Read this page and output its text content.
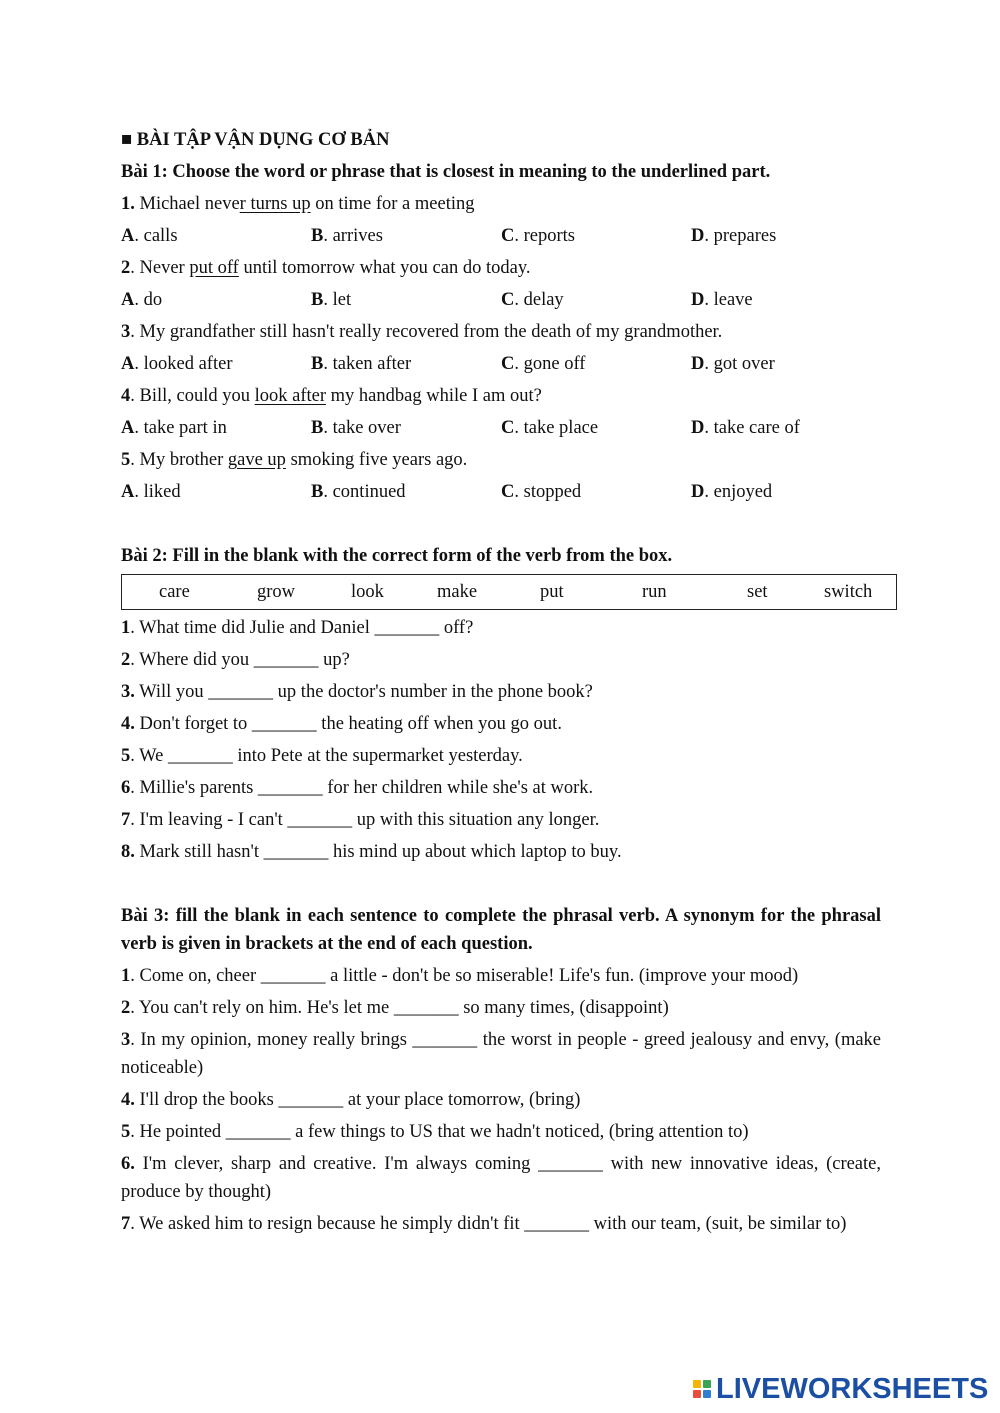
■ BÀI TẬP VẬN DỤNG CƠ BẢN
Bài 1: Choose the word or phrase that is closest in meaning to the underlined part.
1. Michael never turns up on time for a meeting
A. calls	B. arrives	C. reports	D. prepares
2. Never put off until tomorrow what you can do today.
A. do	B. let	C. delay	D. leave
3. My grandfather still hasn't really recovered from the death of my grandmother.
A. looked after	B. taken after	C. gone off	D. got over
4. Bill, could you look after my handbag while I am out?
A. take part in	B. take over	C. take place	D. take care of
5. My brother gave up smoking five years ago.
A. liked	B. continued	C. stopped	D. enjoyed
Bài 2: Fill in the blank with the correct form of the verb from the box.
care	grow	look	make	put	run	set	switch
1. What time did Julie and Daniel _______ off?
2. Where did you _______ up?
3. Will you _______ up the doctor's number in the phone book?
4. Don't forget to _______ the heating off when you go out.
5. We _______ into Pete at the supermarket yesterday.
6. Millie's parents _______ for her children while she's at work.
7. I'm leaving - I can't _______ up with this situation any longer.
8. Mark still hasn't _______ his mind up about which laptop to buy.
Bài 3: fill the blank in each sentence to complete the phrasal verb. A synonym for the phrasal verb is given in brackets at the end of each question.
1. Come on, cheer _______ a little - don't be so miserable! Life's fun. (improve your mood)
2. You can't rely on him. He's let me _______ so many times, (disappoint)
3. In my opinion, money really brings _______ the worst in people - greed jealousy and envy, (make noticeable)
4. I'll drop the books _______ at your place tomorrow, (bring)
5. He pointed _______ a few things to US that we hadn't noticed, (bring attention to)
6. I'm clever, sharp and creative. I'm always coming _______ with new innovative ideas, (create, produce by thought)
7. We asked him to resign because he simply didn't fit _______ with our team, (suit, be similar to)
LIVEWORKSHEETS
